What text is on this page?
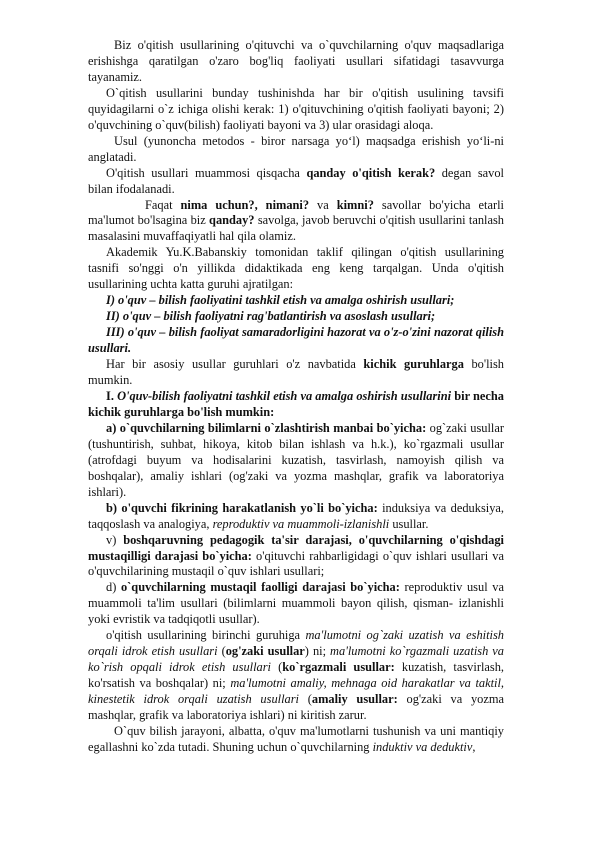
Biz o'qitish usullarining o'qituvchi va o`quvchilarning o'quv maqsadlariga erishishga qaratilgan o'zaro bog'liq faoliyati usullari sifatidagi tasavvurga tayanamiz.

O`qitish usullarini bunday tushinishda har bir o'qitish usulining tavsifi quyidagilarni o`z ichiga olishi kerak: 1) o'qituvchining o'qitish faoliyati bayoni; 2) o'quvchining o`quv(bilish) faoliyati bayoni va 3) ular orasidagi aloqa.

Usul (yunoncha metodos - biror narsaga yo‘l) maqsadga erishish yo‘li-ni anglatadi.

O'qitish usullari muammosi qisqacha qanday o'qitish kerak? degan savol bilan ifodalanadi.

Faqat nima uchun?, nimani? va kimni? savollar bo'yicha etarli ma'lumot bo'lsagina biz qanday? savolga, javob beruvchi o'qitish usullarini tanlash masalasini muvaffaqiyatli hal qila olamiz.

Akademik Yu.K.Babanskiy tomonidan taklif qilingan o'qitish usullarining tasnifi so'nggi o'n yillikda didaktikada eng keng tarqalgan. Unda o'qitish usullarining uchta katta guruhi ajratilgan:

I) o'quv – bilish faoliyatini tashkil etish va amalga oshirish usullari;

II) o'quv – bilish faoliyatni rag'batlantirish va asoslash usullari;

III) o'quv – bilish faoliyat samaradorligini hazorat va o'z-o'zini nazorat qilish usullari.

Har bir asosiy usullar guruhlari o'z navbatida kichik guruhlarga bo'lish mumkin.

I. O'quv-bilish faoliyatni tashkil etish va amalga oshirish usullarini bir necha kichik guruhlarga bo'lish mumkin:

a) o`quvchilarning bilimlarni o`zlashtirish manbai bo`yicha: og`zaki usullar (tushuntirish, suhbat, hikoya, kitob bilan ishlash va h.k.), ko`rgazmali usullar (atrofdagi buyum va hodisalarini kuzatish, tasvirlash, namoyish qilish va boshqalar), amaliy ishlari (og'zaki va yozma mashqlar, grafik va laboratoriya ishlari).

b) o'quvchi fikrining harakatlanish yo`li bo`yicha: induksiya va deduksiya, taqqoslash va analogiya, reproduktiv va muammoli-izlanishli usullar.

v) boshqaruvning pedagogik ta'sir darajasi, o'quvchilarning o'qishdagi mustaqilligi darajasi bo`yicha: o'qituvchi rahbarligidagi o`quv ishlari usullari va o'quvchilarining mustaqil o`quv ishlari usullari;

d) o`quvchilarning mustaqil faolligi darajasi bo`yicha: reproduktiv usul va muammoli ta'lim usullari (bilimlarni muammoli bayon qilish, qisman- izlanishli yoki evristik va tadqiqotli usullar).

o'qitish usullarining birinchi guruhiga ma'lumotni og`zaki uzatish va eshitish orqali idrok etish usullari (og'zaki usullar) ni; ma'lumotni ko`rgazmali uzatish va ko`rish opqali idrok etish usullari (ko`rgazmali usullar: kuzatish, tasvirlash, ko'rsatish va boshqalar) ni; ma'lumotni amaliy, mehnaga oid harakatlar va taktil, kinestetik idrok orqali uzatish usullari (amaliy usullar: og'zaki va yozma mashqlar, grafik va laboratoriya ishlari) ni kiritish zarur.

O`quv bilish jarayoni, albatta, o'quv ma'lumotlarni tushunish va uni mantiqiy egallashni ko`zda tutadi. Shuning uchun o`quvchilarning induktiv va deduktiv,
